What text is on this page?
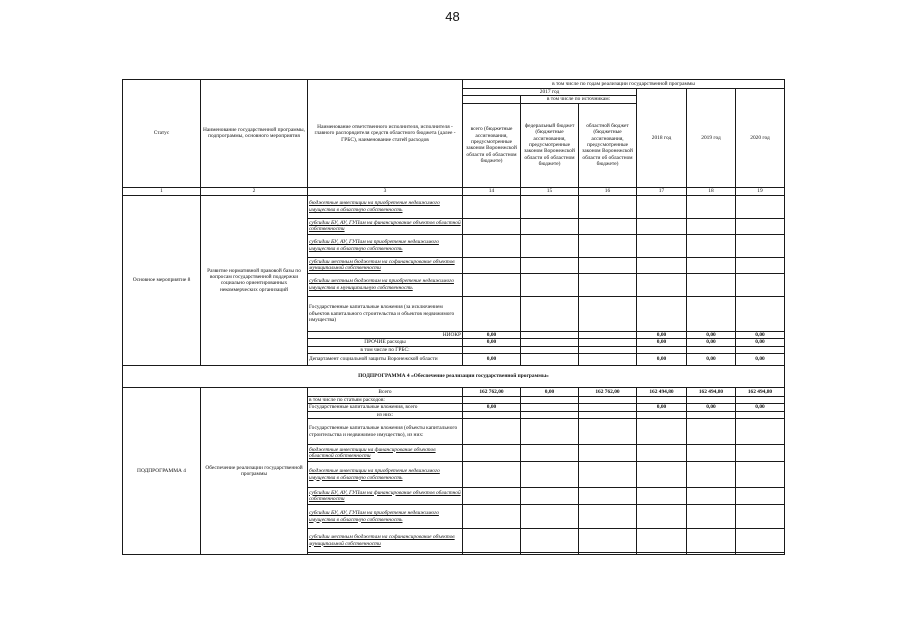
48
Статус	Наименование государственной программы, подпрограммы, основного мероприятия	Наименование ответственного исполнителя, исполнителя - главного распорядителя средств областного бюджета (далее - ГРБС), наименование статей расходов	в том числе по годам реализации государственной программы					
			2017 год			2018 год	2019 год	2020 год
				в том числе по источникам:				
			всего (бюджетные ассигнования, предусмотренные законом Воронежской области об областном бюджете)	федеральный бюджет (бюджетные ассигнования, предусмотренные законом Воронежской области об областном бюджете)	областной бюджет (бюджетные ассигнования, предусмотренные законом Воронежской области об областном бюджете)			
1	2	3	14	15	16	17	18	19
Основное мероприятие 8	Развитие нормативной правовой базы по вопросам государственной поддержки социально ориентированных некоммерческих организаций	бюджетные инвестиции на приобретение недвижимого имущества в областную собственность						
		субсидии БУ, АУ, ГУПам на финансирование объектов областной собственности						
		субсидии БУ, АУ, ГУПам на приобретение недвижимого имущества в областную собственность						
		субсидии местным бюджетам на софинансирование объектов муниципальной собственности						
		субсидии местным бюджетам на приобретение недвижимого имущества в муниципальную собственность						
		Государственные капитальные вложения (за исключением объектов капитального строительства и объектов недвижимого имущества)						
		НИОКР	0,00			0,00	0,00	0,00
		ПРОЧИЕ расходы	0,00			0,00	0,00	0,00
		в том числе по ГРБС:						
		Департамент социальной защиты Воронежской области	0,00			0,00	0,00	0,00
ПОДПРОГРАММА 4 «Обеспечение реализации государственной программы»								
ПОДПРОГРАММА 4	Обеспечение реализации государственной программы	Всего	162 762,00	0,00	162 762,00	162 494,80	162 494,80	162 494,80
		в том числе по статьям расходов:						
		Государственные капитальные вложения, всего	0,00			0,00	0,00	0,00
		из них:						
		Государственные капитальные вложения (объекты капитального строительства и недвижимое имущество), из них:						
		бюджетные инвестиции на финансирование объектов областной собственности						
		бюджетные инвестиции на приобретение недвижимого имущества в областную собственность						
		субсидии БУ, АУ, ГУПам на финансирование объектов областной собственности						
		субсидии БУ, АУ, ГУПам на приобретение недвижимого имущества в областную собственность						
		субсидии местным бюджетам на софинансирование объектов муниципальной собственности						
